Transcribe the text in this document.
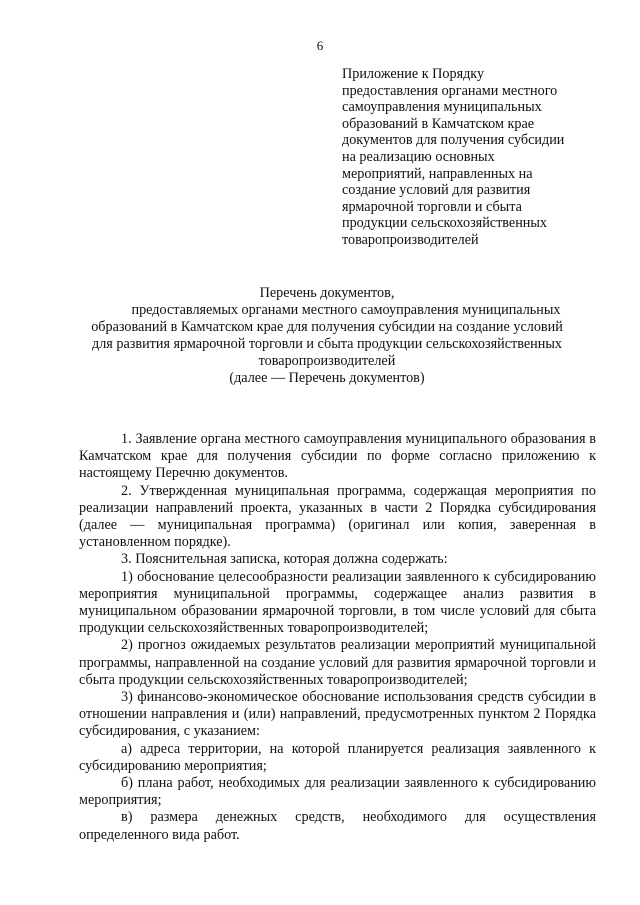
6
Приложение к Порядку
предоставления органами местного
самоуправления муниципальных
образований в Камчатском крае
документов для получения субсидии
на реализацию основных
мероприятий, направленных на
создание условий для развития
ярмарочной торговли и сбыта
продукции сельскохозяйственных
товаропроизводителей
Перечень документов,
предоставляемых органами местного самоуправления муниципальных
образований в Камчатском крае для получения субсидии на создание условий
для развития ярмарочной торговли и сбыта продукции сельскохозяйственных
товаропроизводителей
(далее — Перечень документов)

1. Заявление органа местного самоуправления муниципального образования в Камчатском крае для получения субсидии по форме согласно приложению к настоящему Перечню документов.

2. Утвержденная муниципальная программа, содержащая мероприятия по реализации направлений проекта, указанных в части 2 Порядка субсидирования (далее — муниципальная программа) (оригинал или копия, заверенная в установленном порядке).

3. Пояснительная записка, которая должна содержать:

1) обоснование целесообразности реализации заявленного к субсидированию мероприятия муниципальной программы, содержащее анализ развития в муниципальном образовании ярмарочной торговли, в том числе условий для сбыта продукции сельскохозяйственных товаропроизводителей;

2) прогноз ожидаемых результатов реализации мероприятий муниципальной программы, направленной на создание условий для развития ярмарочной торговли и сбыта продукции сельскохозяйственных товаропроизводителей;

3) финансово-экономическое обоснование использования средств субсидии в отношении направления и (или) направлений, предусмотренных пунктом 2 Порядка субсидирования, с указанием:

а) адреса территории, на которой планируется реализация заявленного к субсидированию мероприятия;

б) плана работ, необходимых для реализации заявленного к субсидированию мероприятия;

в) размера денежных средств, необходимого для осуществления определенного вида работ.
